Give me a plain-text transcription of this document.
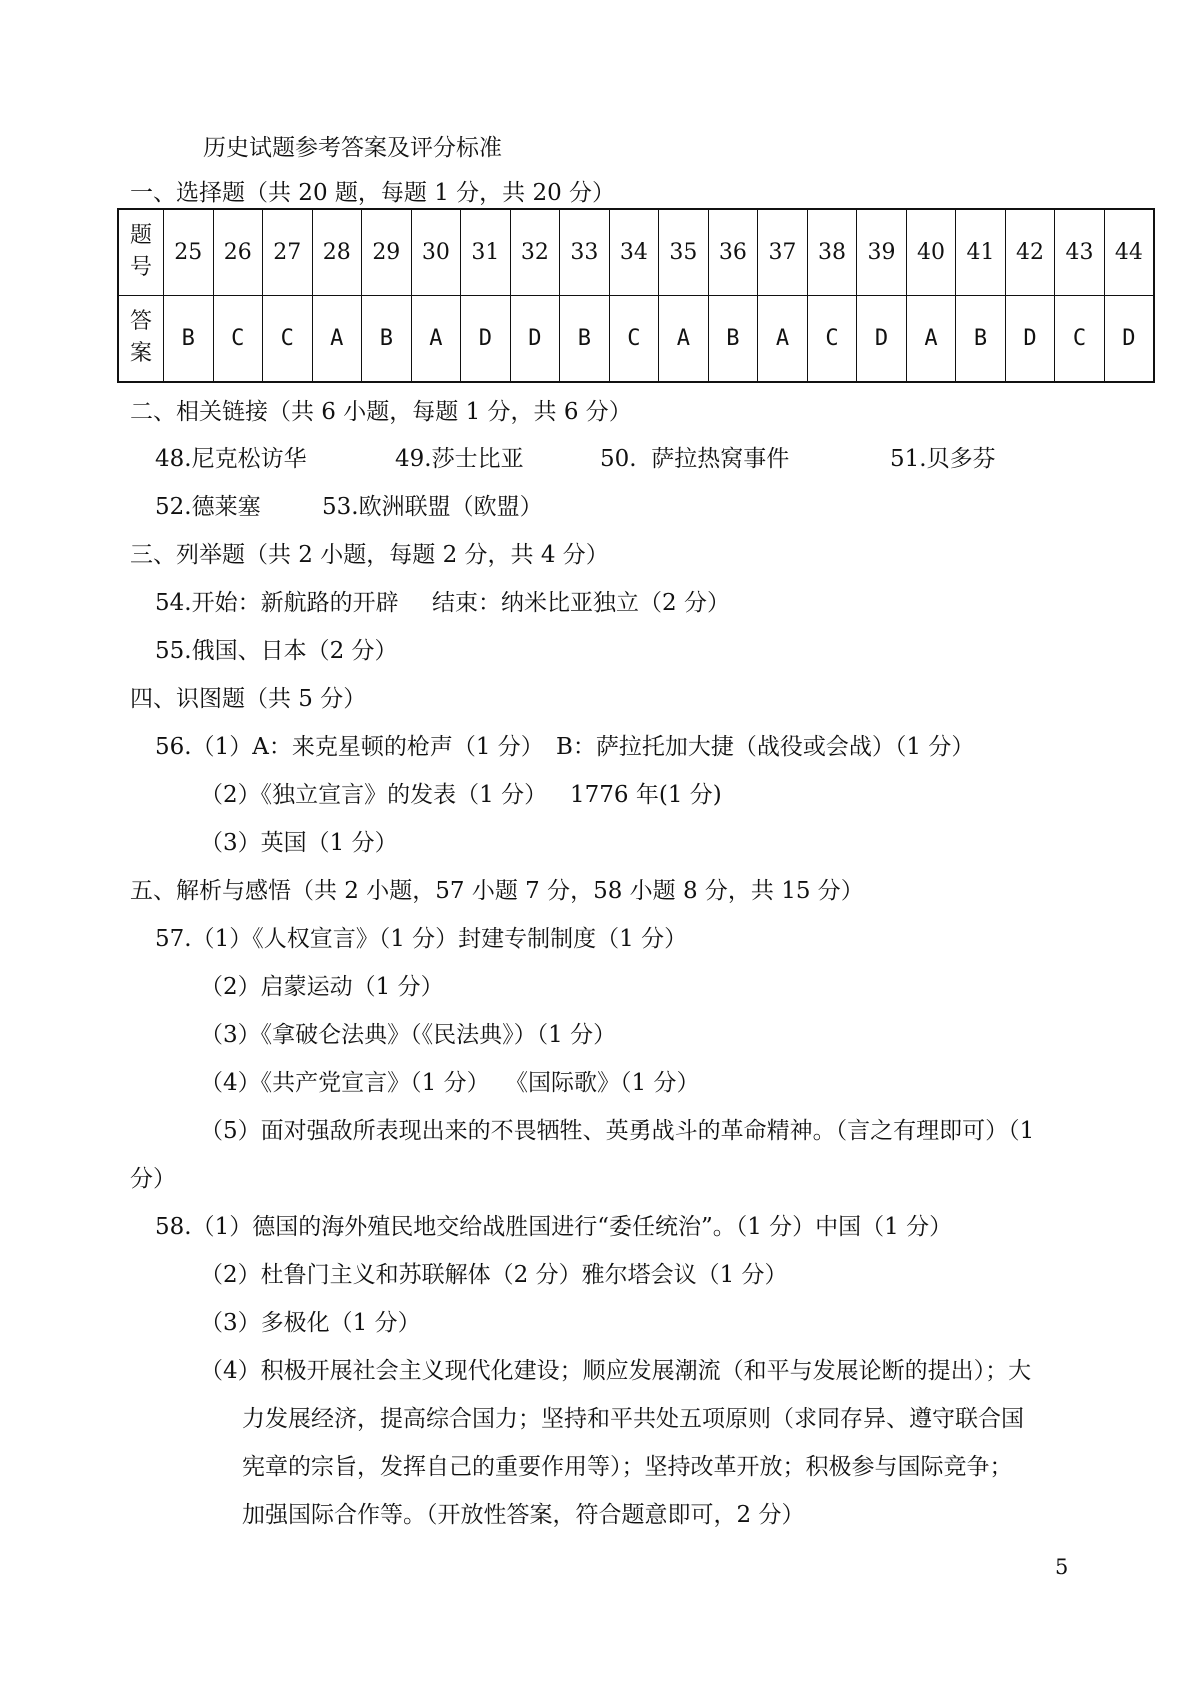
历史试题参考答案及评分标准
一、选择题（共 20 题，每题 1 分，共 20 分）
题
号	25	26	27	28	29	30	31	32	33	34	35	36	37	38	39	40	41	42	43	44

答
案	B	C	C	A	B	A	D	D	B	C	A	B	A	C	D	A	B	D	C	D
二、相关链接（共 6 小题，每题 1 分，共 6 分）
48.尼克松访华	49.莎士比亚	50.  萨拉热窝事件	51.贝多芬
52.德莱塞	53.欧洲联盟（欧盟）
三、列举题（共 2 小题，每题 2 分，共 4 分）
54.开始：新航路的开辟 结束：纳米比亚独立（2 分）
55.俄国、日本（2 分）
四、识图题（共 5 分）
56.（1）A：来克星顿的枪声（1 分） B：萨拉托加大捷（战役或会战）（1 分）
（2）《独立宣言》的发表（1 分） 1776 年(1 分)
（3）英国（1 分）
五、解析与感悟（共 2 小题，57 小题 7 分，58 小题 8 分，共 15 分）
57.（1）《人权宣言》（1 分）封建专制制度（1 分）
（2）启蒙运动（1 分）
（3）《拿破仑法典》（《民法典》）（1 分）
（4）《共产党宣言》（1 分） 《国际歌》（1 分）
（5）面对强敌所表现出来的不畏牺牲、英勇战斗的革命精神。（言之有理即可）（1
分）
58.（1）德国的海外殖民地交给战胜国进行“委任统治”。（1 分）中国（1 分）
（2）杜鲁门主义和苏联解体（2 分）雅尔塔会议（1 分）
（3）多极化（1 分）
（4）积极开展社会主义现代化建设；顺应发展潮流（和平与发展论断的提出）；大
力发展经济，提高综合国力；坚持和平共处五项原则（求同存异、遵守联合国
宪章的宗旨，发挥自己的重要作用等）；坚持改革开放；积极参与国际竞争；
加强国际合作等。（开放性答案，符合题意即可，2 分）
5
